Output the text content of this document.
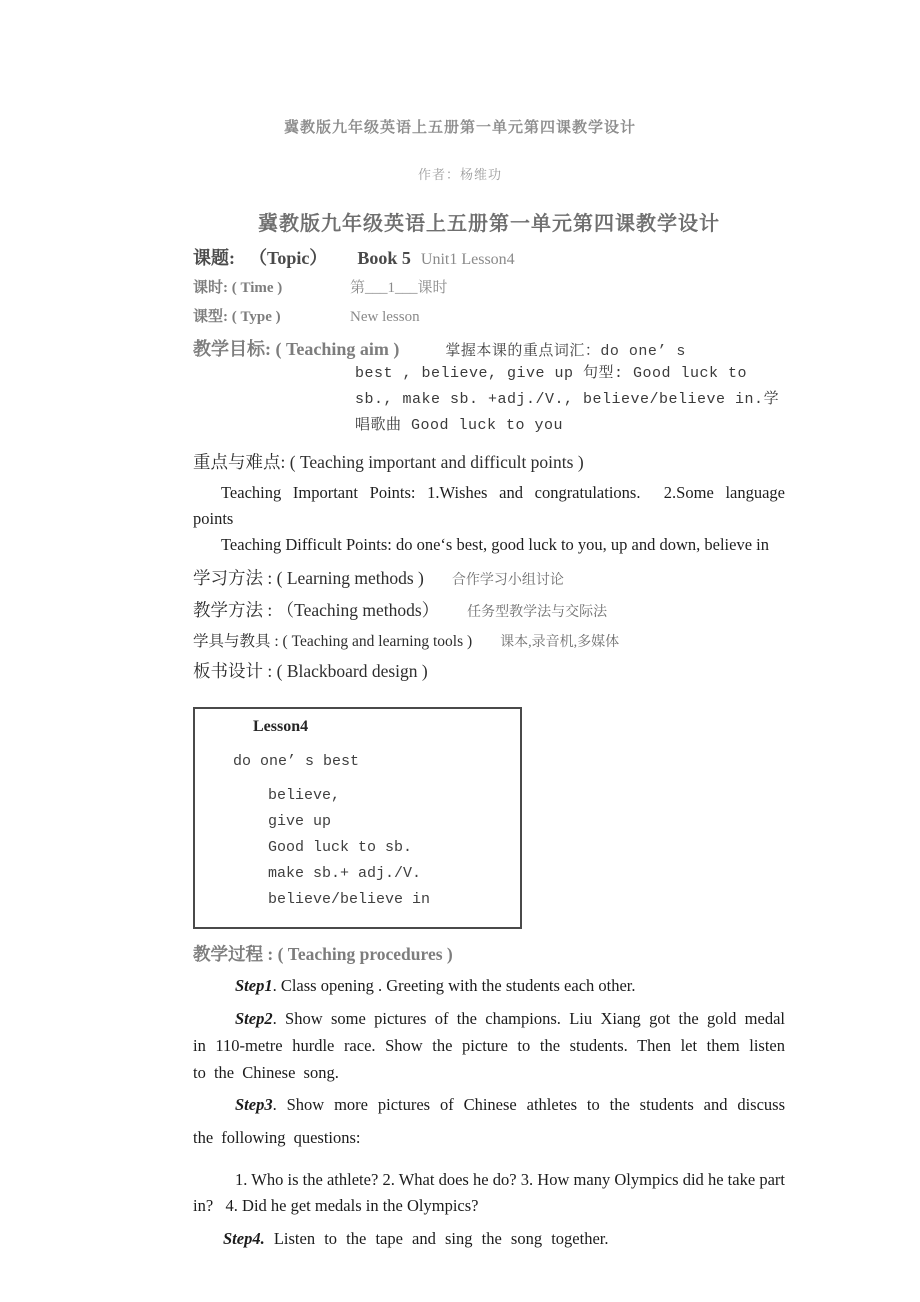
冀教版九年级英语上五册第一单元第四课教学设计
作者：杨维功
冀教版九年级英语上五册第一单元第四课教学设计
课题: （Topic） Book 5 Unit1 Lesson4
课时: ( Time )	第___1___课时
课型: ( Type )	New lesson
教学目标: ( Teaching aim )	掌握本课的重点词汇：do one’ s
best , believe, give up 句型: Good luck to
sb., make sb. +adj./V., believe/believe in.学
唱歌曲 Good luck to you
重点与难点: ( Teaching important and difficult points )

Teaching Important Points: 1.Wishes and congratulations.  2.Some language points

Teaching Difficult Points: do one‘s best, good luck to you, up and down, believe in

学习方法 : ( Learning methods ) 合作学习小组讨论
教学方法 : （Teaching methods） 任务型教学法与交际法
学具与教具 : ( Teaching and learning tools ) 课本,录音机,多媒体
板书设计 : ( Blackboard design )
Lesson4
do one’ s best
believe,
give up
Good luck to sb.
make sb.+ adj./V.
believe/believe in
教学过程 : ( Teaching procedures )

Step1. Class opening . Greeting with the students each other.

Step2. Show some pictures of the champions. Liu Xiang got the gold medal in 110-metre hurdle race. Show the picture to the students. Then let them listen to the Chinese song.

Step3. Show more pictures of Chinese athletes to the students and discuss the following questions:

1. Who is the athlete? 2. What does he do? 3. How many Olympics did he take part in?   4. Did he get medals in the Olympics?

Step4. Listen to the tape and sing the song together.
